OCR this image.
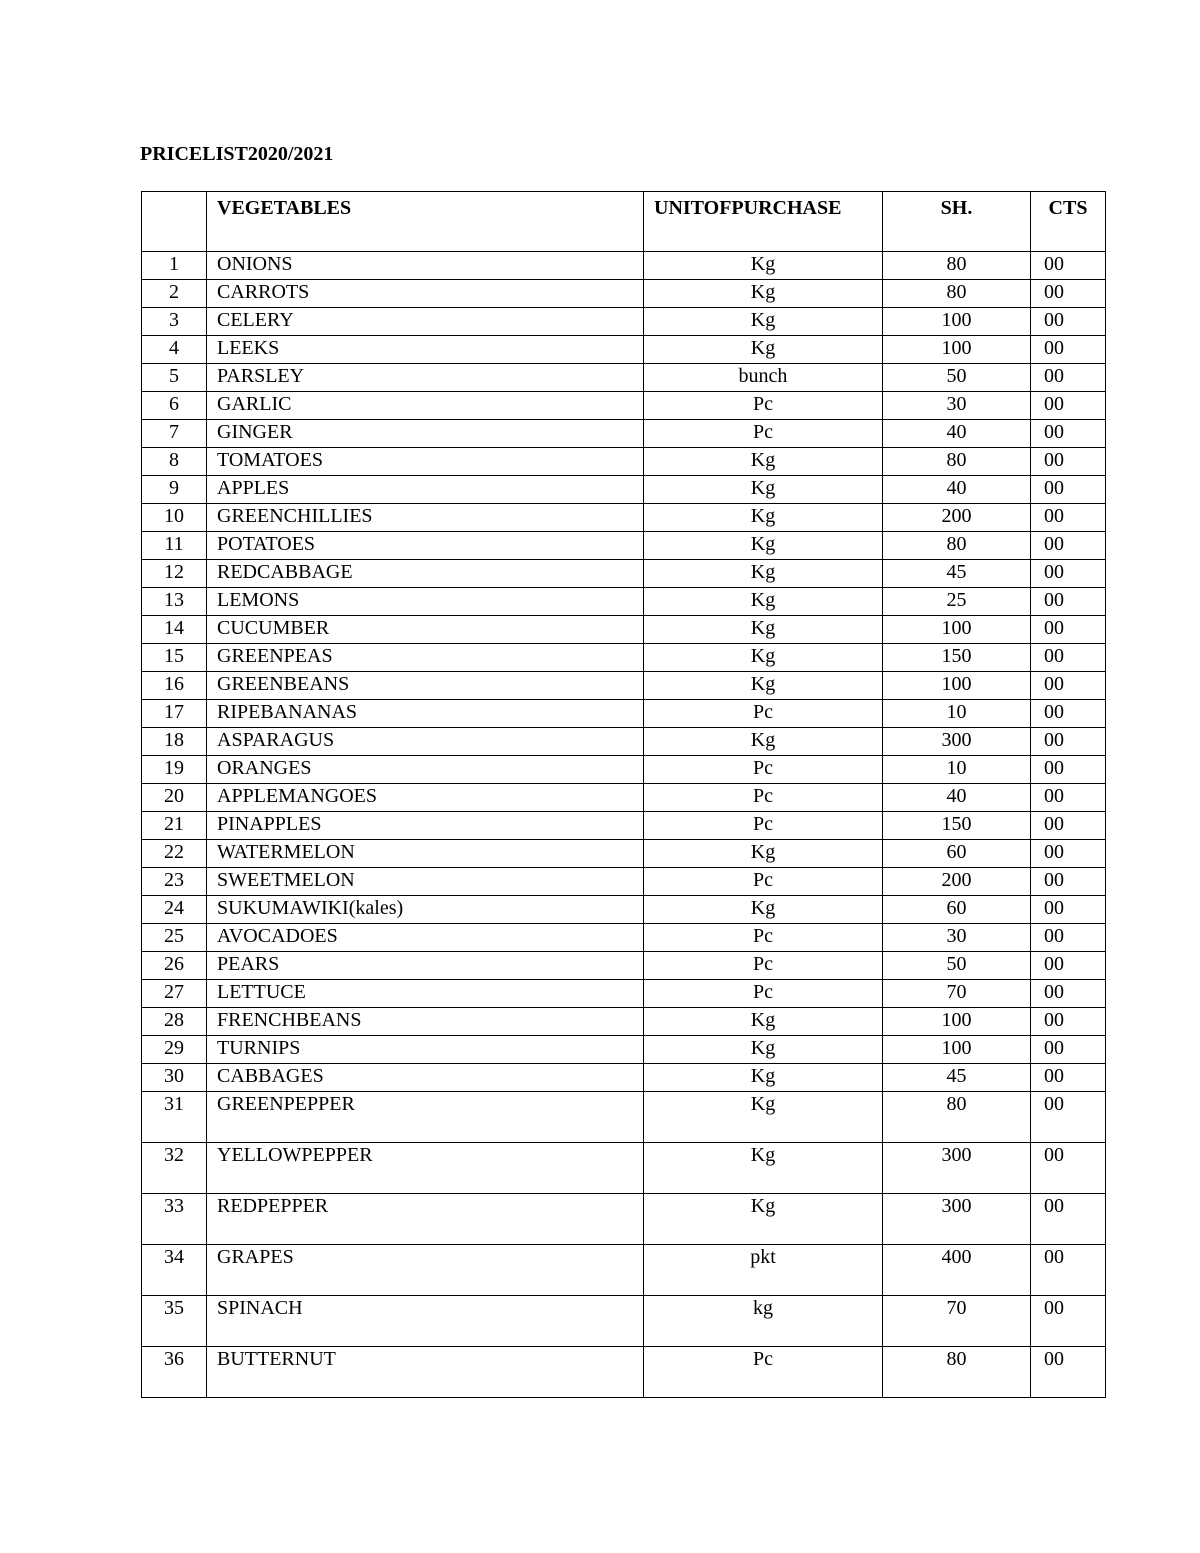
PRICELIST2020/2021
	VEGETABLES	UNITOFPURCHASE	SH.	CTS
1	ONIONS	Kg	80	00
2	CARROTS	Kg	80	00
3	CELERY	Kg	100	00
4	LEEKS	Kg	100	00
5	PARSLEY	bunch	50	00
6	GARLIC	Pc	30	00
7	GINGER	Pc	40	00
8	TOMATOES	Kg	80	00
9	APPLES	Kg	40	00
10	GREENCHILLIES	Kg	200	00
11	POTATOES	Kg	80	00
12	REDCABBAGE	Kg	45	00
13	LEMONS	Kg	25	00
14	CUCUMBER	Kg	100	00
15	GREENPEAS	Kg	150	00
16	GREENBEANS	Kg	100	00
17	RIPEBANANAS	Pc	10	00
18	ASPARAGUS	Kg	300	00
19	ORANGES	Pc	10	00
20	APPLEMANGOES	Pc	40	00
21	PINAPPLES	Pc	150	00
22	WATERMELON	Kg	60	00
23	SWEETMELON	Pc	200	00
24	SUKUMAWIKI(kales)	Kg	60	00
25	AVOCADOES	Pc	30	00
26	PEARS	Pc	50	00
27	LETTUCE	Pc	70	00
28	FRENCHBEANS	Kg	100	00
29	TURNIPS	Kg	100	00
30	CABBAGES	Kg	45	00
31	GREENPEPPER	Kg	80	00
32	YELLOWPEPPER	Kg	300	00
33	REDPEPPER	Kg	300	00
34	GRAPES	pkt	400	00
35	SPINACH	kg	70	00
36	BUTTERNUT	Pc	80	00
